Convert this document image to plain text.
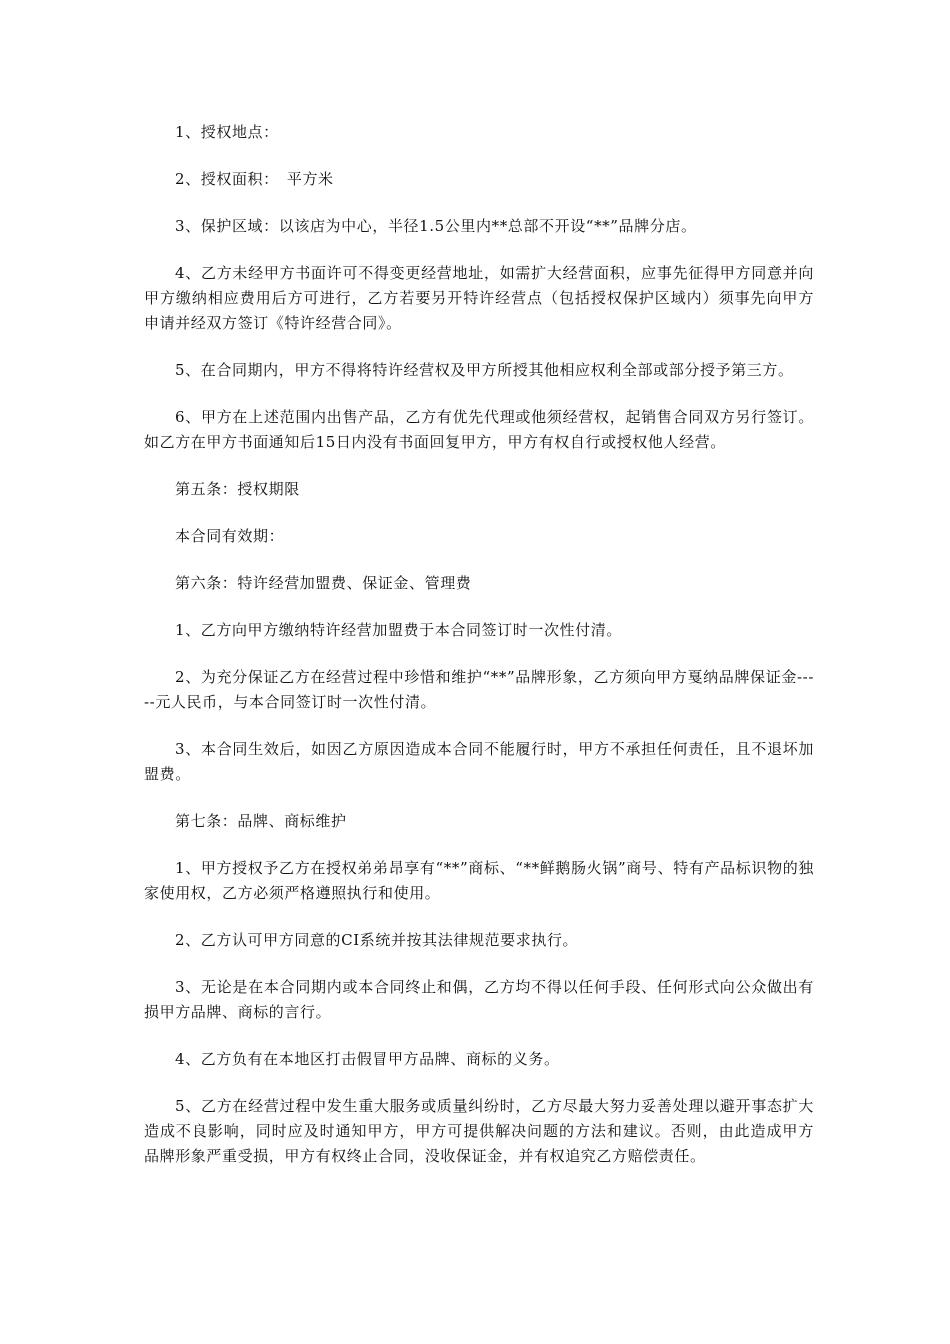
1、授权地点：

2、授权面积：　平方米

3、保护区域：以该店为中心，半径1.5公里内**总部不开设“**”品牌分店。

4、乙方未经甲方书面许可不得变更经营地址，如需扩大经营面积，应事先征得甲方同意并向甲方缴纳相应费用后方可进行，乙方若要另开特许经营点（包括授权保护区域内）须事先向甲方申请并经双方签订《特许经营合同》。

5、在合同期内，甲方不得将特许经营权及甲方所授其他相应权利全部或部分授予第三方。

6、甲方在上述范围内出售产品，乙方有优先代理或他须经营权，起销售合同双方另行签订。如乙方在甲方书面通知后15日内没有书面回复甲方，甲方有权自行或授权他人经营。

第五条：授权期限

本合同有效期：

第六条：特许经营加盟费、保证金、管理费

1、乙方向甲方缴纳特许经营加盟费于本合同签订时一次性付清。

2、为充分保证乙方在经营过程中珍惜和维护“**”品牌形象，乙方须向甲方戛纳品牌保证金-----元人民币，与本合同签订时一次性付清。

3、本合同生效后，如因乙方原因造成本合同不能履行时，甲方不承担任何责任，且不退坏加盟费。

第七条：品牌、商标维护

1、甲方授权予乙方在授权弟弟昂享有“**”商标、“**鲜鹅肠火锅”商号、特有产品标识物的独家使用权，乙方必须严格遵照执行和使用。

2、乙方认可甲方同意的CI系统并按其法律规范要求执行。

3、无论是在本合同期内或本合同终止和偶，乙方均不得以任何手段、任何形式向公众做出有损甲方品牌、商标的言行。

4、乙方负有在本地区打击假冒甲方品牌、商标的义务。

5、乙方在经营过程中发生重大服务或质量纠纷时，乙方尽最大努力妥善处理以避开事态扩大造成不良影响，同时应及时通知甲方，甲方可提供解决问题的方法和建议。否则，由此造成甲方品牌形象严重受损，甲方有权终止合同，没收保证金，并有权追究乙方赔偿责任。
